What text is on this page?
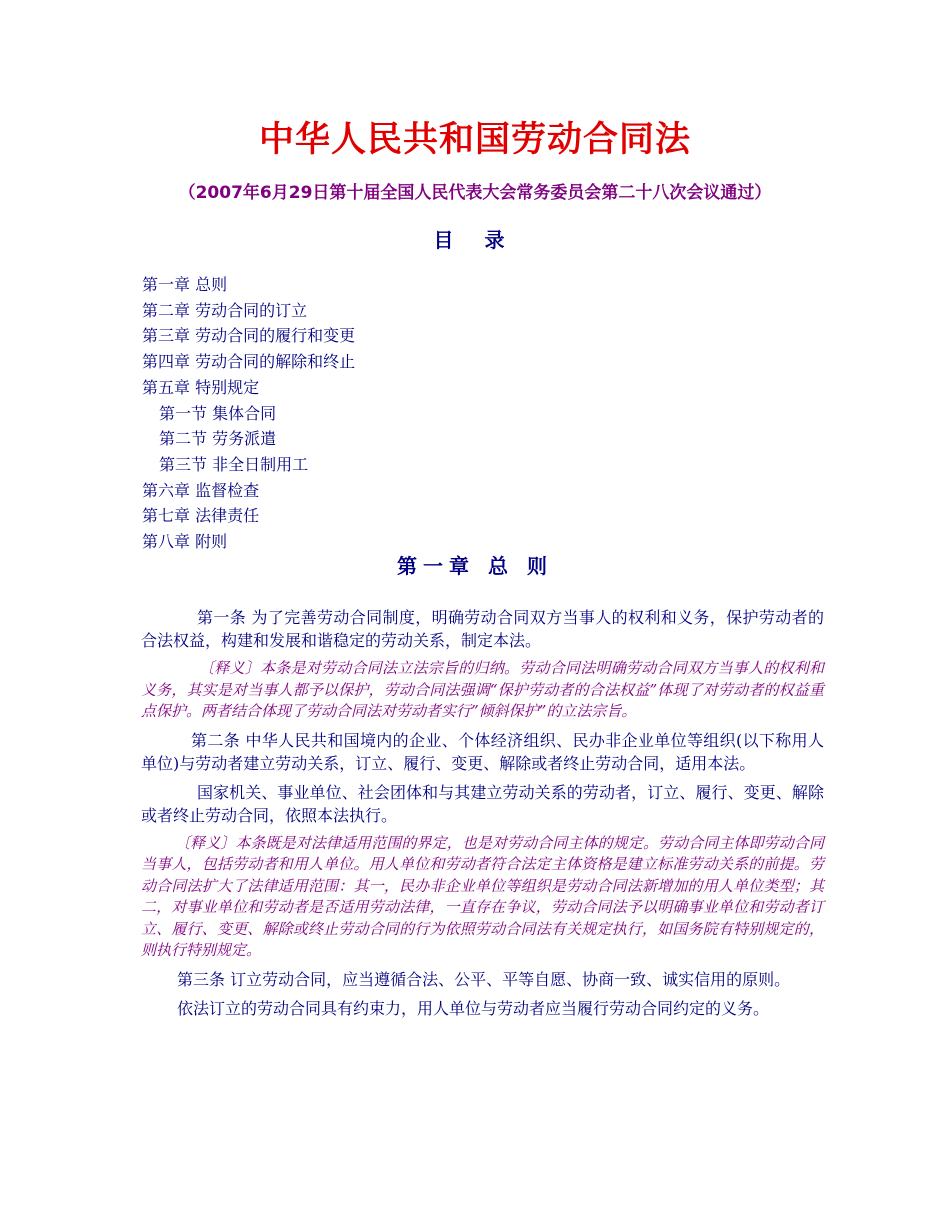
中华人民共和国劳动合同法
（2007年6月29日第十届全国人民代表大会常务委员会第二十八次会议通过）
目 录
第一章 总则
第二章 劳动合同的订立
第三章 劳动合同的履行和变更
第四章 劳动合同的解除和终止
第五章 特别规定
第一节 集体合同
第二节 劳务派遣
第三节 非全日制用工
第六章 监督检查
第七章 法律责任
第八章 附则
第一章 总 则

第一条 为了完善劳动合同制度，明确劳动合同双方当事人的权利和义务，保护劳动者的合法权益，构建和发展和谐稳定的劳动关系，制定本法。

〔释义〕本条是对劳动合同法立法宗旨的归纳。劳动合同法明确劳动合同双方当事人的权利和义务，其实是对当事人都予以保护，劳动合同法强调“保护劳动者的合法权益”体现了对劳动者的权益重点保护。两者结合体现了劳动合同法对劳动者实行”倾斜保护”的立法宗旨。

第二条 中华人民共和国境内的企业、个体经济组织、民办非企业单位等组织(以下称用人单位)与劳动者建立劳动关系，订立、履行、变更、解除或者终止劳动合同，适用本法。

国家机关、事业单位、社会团体和与其建立劳动关系的劳动者，订立、履行、变更、解除或者终止劳动合同，依照本法执行。

〔释义〕本条既是对法律适用范围的界定，也是对劳动合同主体的规定。劳动合同主体即劳动合同当事人，包括劳动者和用人单位。用人单位和劳动者符合法定主体资格是建立标准劳动关系的前提。劳动合同法扩大了法律适用范围：其一，民办非企业单位等组织是劳动合同法新增加的用人单位类型；其二，对事业单位和劳动者是否适用劳动法律，一直存在争议，劳动合同法予以明确事业单位和劳动者订立、履行、变更、解除或终止劳动合同的行为依照劳动合同法有关规定执行，如国务院有特别规定的，则执行特别规定。

第三条 订立劳动合同，应当遵循合法、公平、平等自愿、协商一致、诚实信用的原则。

依法订立的劳动合同具有约束力，用人单位与劳动者应当履行劳动合同约定的义务。
